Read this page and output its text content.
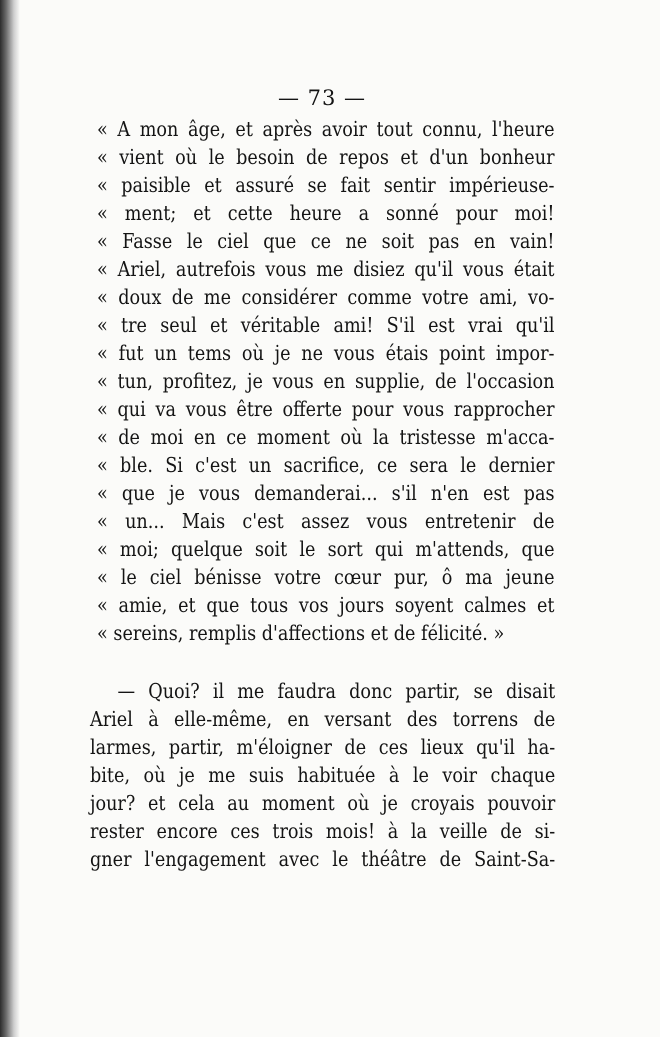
— 73 —
« A mon âge, et après avoir tout connu, l'heure
« vient où le besoin de repos et d'un bonheur
« paisible et assuré se fait sentir impérieuse-
« ment; et cette heure a sonné pour moi!
« Fasse le ciel que ce ne soit pas en vain!
« Ariel, autrefois vous me disiez qu'il vous était
« doux de me considérer comme votre ami, vo-
« tre seul et véritable ami! S'il est vrai qu'il
« fut un tems où je ne vous étais point impor-
« tun, profitez, je vous en supplie, de l'occasion
« qui va vous être offerte pour vous rapprocher
« de moi en ce moment où la tristesse m'acca-
« ble. Si c'est un sacrifice, ce sera le dernier
« que je vous demanderai... s'il n'en est pas
« un... Mais c'est assez vous entretenir de
« moi; quelque soit le sort qui m'attends, que
« le ciel bénisse votre cœur pur, ô ma jeune
« amie, et que tous vos jours soyent calmes et
« sereins, remplis d'affections et de félicité. »
— Quoi? il me faudra donc partir, se disait
Ariel à elle-même, en versant des torrens de
larmes, partir, m'éloigner de ces lieux qu'il ha-
bite, où je me suis habituée à le voir chaque
jour? et cela au moment où je croyais pouvoir
rester encore ces trois mois! à la veille de si-
gner l'engagement avec le théâtre de Saint-Sa-
